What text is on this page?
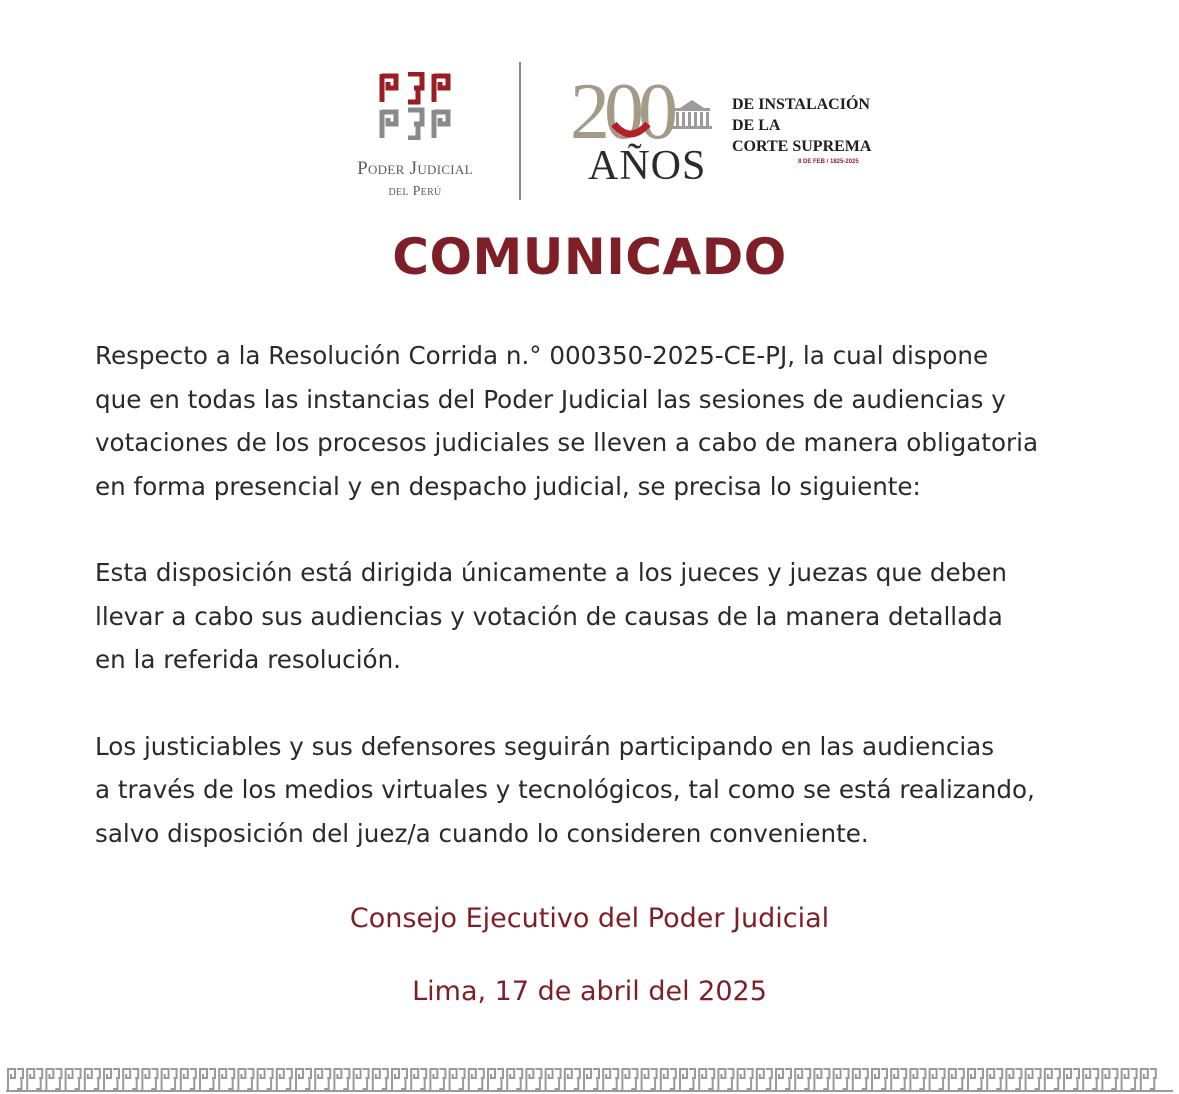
Poder Judicial
del Perú
200
AÑOS
DE INSTALACIÓN
DE LA
CORTE SUPREMA
8 DE FEB / 1825-2025
COMUNICADO
Respecto a la Resolución Corrida n.° 000350-2025-CE-PJ, la cual dispone
que en todas las instancias del Poder Judicial las sesiones de audiencias y
votaciones de los procesos judiciales se lleven a cabo de manera obligatoria
en forma presencial y en despacho judicial, se precisa lo siguiente:
Esta disposición está dirigida únicamente a los jueces y juezas que deben
llevar a cabo sus audiencias y votación de causas de la manera detallada
en la referida resolución.
Los justiciables y sus defensores seguirán participando en las audiencias
a través de los medios virtuales y tecnológicos, tal como se está realizando,
salvo disposición del juez/a cuando lo consideren conveniente.
Consejo Ejecutivo del Poder Judicial
Lima, 17 de abril del 2025
